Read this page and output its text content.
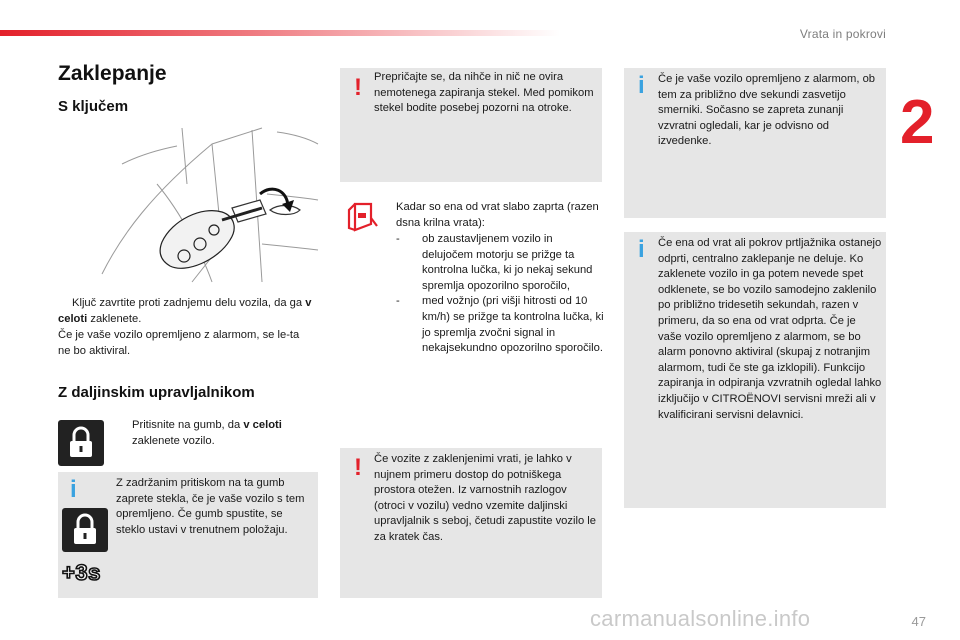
Vrata in pokrovi
2
Zaklepanje
S ključem
Ključ zavrtite proti zadnjemu delu vozila, da ga v celoti zaklenete.
Če je vaše vozilo opremljeno z alarmom, se le-ta ne bo aktiviral.
Z daljinskim upravljalnikom
Pritisnite na gumb, da v celoti
zaklenete vozilo.
i
+3s
Z zadržanim pritiskom na ta gumb zaprete stekla, če je vaše vozilo s tem opremljeno. Če gumb spustite, se steklo ustavi v trenutnem položaju.
! Prepričajte se, da nihče in nič ne ovira nemotenega zapiranja stekel. Med pomikom stekel bodite posebej pozorni na otroke.
Kadar so ena od vrat slabo zaprta (razen dsna krilna vrata):
- ob zaustavljenem vozilo in delujočem motorju se prižge ta kontrolna lučka, ki jo nekaj sekund spremlja opozorilno sporočilo,
- med vožnjo (pri višji hitrosti od 10 km/h) se prižge ta kontrolna lučka, ki jo spremlja zvočni signal in nekajsekundno opozorilno sporočilo.
! Če vozite z zaklenjenimi vrati, je lahko v nujnem primeru dostop do potniškega prostora otežen. Iz varnostnih razlogov (otroci v vozilu) vedno vzemite daljinski upravljalnik s seboj, četudi zapustite vozilo le za kratek čas.
i Če je vaše vozilo opremljeno z alarmom, ob tem za približno dve sekundi zasvetijo smerniki. Sočasno se zapreta zunanji vzvratni ogledali, kar je odvisno od izvedenke.
i Če ena od vrat ali pokrov prtljažnika ostanejo odprti, centralno zaklepanje ne deluje. Ko zaklenete vozilo in ga potem nevede spet odklenete, se bo vozilo samodejno zaklenilo po približno tridesetih sekundah, razen v primeru, da so ena od vrat odprta. Če je vaše vozilo opremljeno z alarmom, se bo alarm ponovno aktiviral (skupaj z notranjim alarmom, tudi če ste ga izklopili). Funkcijo zapiranja in odpiranja vzvratnih ogledal lahko izključijo v CITROËNOVI servisni mreži ali v kvalificirani servisni delavnici.
carmanualsonline.info	47
